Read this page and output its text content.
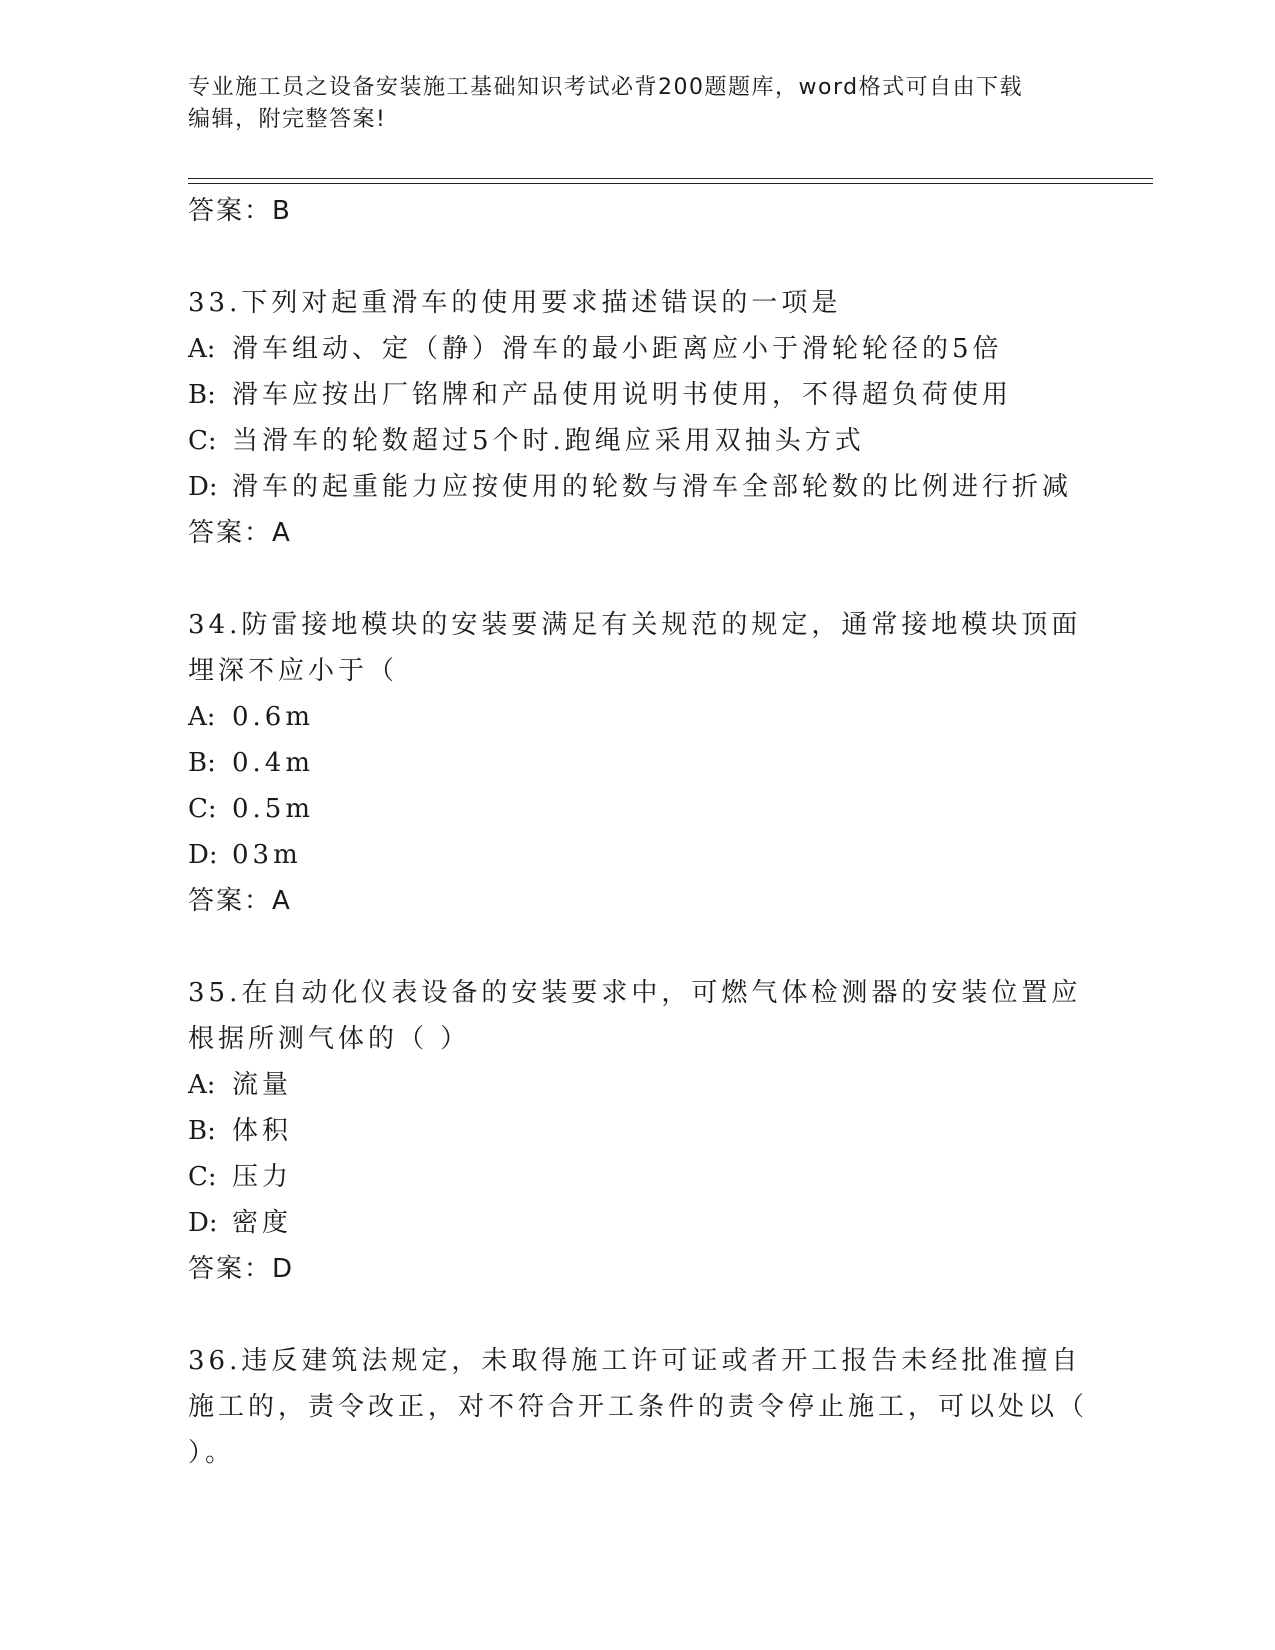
专业施工员之设备安装施工基础知识考试必背200题题库，word格式可自由下载
编辑，附完整答案!
答案：B
33.下列对起重滑车的使用要求描述错误的一项是
A: 滑车组动、定（静）滑车的最小距离应小于滑轮轮径的5倍
B: 滑车应按出厂铭牌和产品使用说明书使用，不得超负荷使用
C: 当滑车的轮数超过5个时.跑绳应采用双抽头方式
D: 滑车的起重能力应按使用的轮数与滑车全部轮数的比例进行折减
答案：A
34.防雷接地模块的安装要满足有关规范的规定，通常接地模块顶面埋深不应小于（
A: 0.6m
B: 0.4m
C: 0.5m
D: 03m
答案：A
35.在自动化仪表设备的安装要求中，可燃气体检测器的安装位置应根据所测气体的（ ）
A: 流量
B: 体积
C: 压力
D: 密度
答案：D
36.违反建筑法规定，未取得施工许可证或者开工报告未经批准擅自施工的，责令改正，对不符合开工条件的责令停止施工，可以处以（ ）。
